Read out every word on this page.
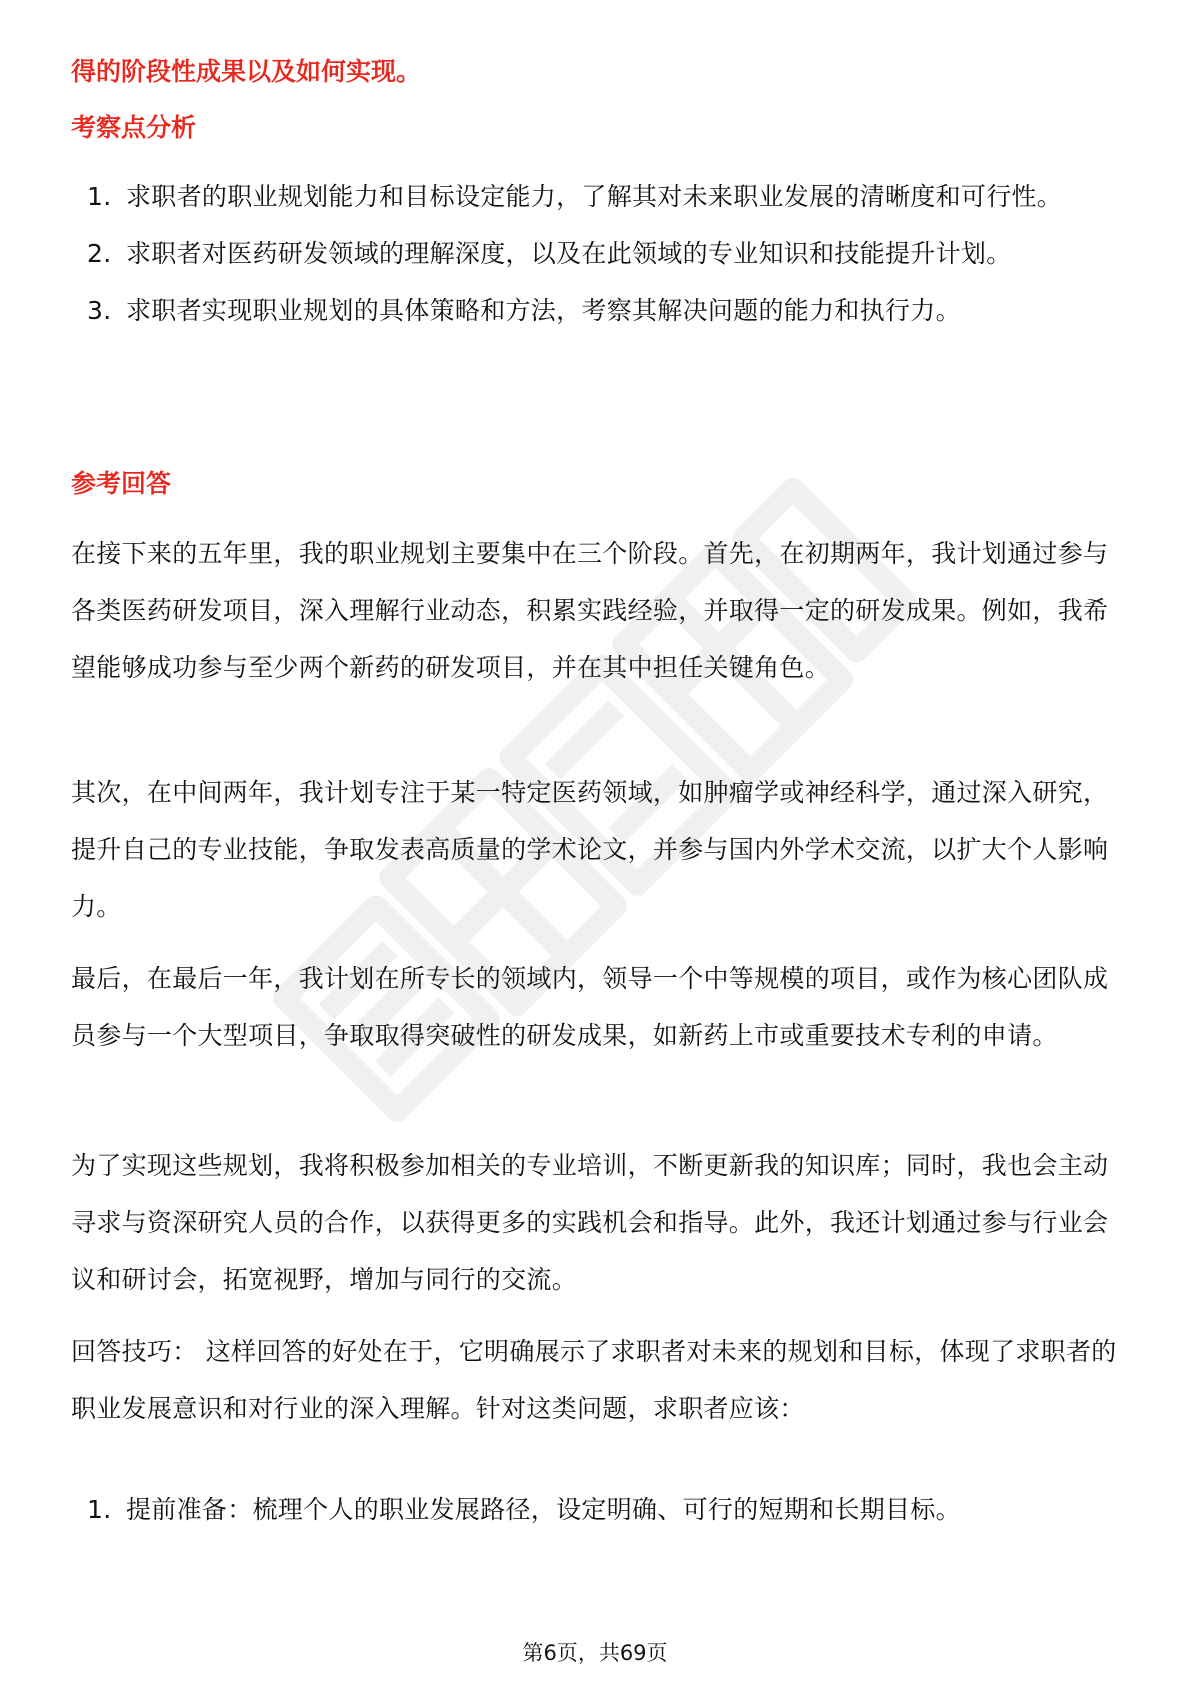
得的阶段性成果以及如何实现。

考察点分析

1. 求职者的职业规划能力和目标设定能力，了解其对未来职业发展的清晰度和可行性。
2. 求职者对医药研发领域的理解深度，以及在此领域的专业知识和技能提升计划。
3. 求职者实现职业规划的具体策略和方法，考察其解决问题的能力和执行力。

参考回答

在接下来的五年里，我的职业规划主要集中在三个阶段。首先，在初期两年，我计划通过参与各类医药研发项目，深入理解行业动态，积累实践经验，并取得一定的研发成果。例如，我希望能够成功参与至少两个新药的研发项目，并在其中担任关键角色。

其次，在中间两年，我计划专注于某一特定医药领域，如肿瘤学或神经科学，通过深入研究，提升自己的专业技能，争取发表高质量的学术论文，并参与国内外学术交流，以扩大个人影响力。

最后，在最后一年，我计划在所专长的领域内，领导一个中等规模的项目，或作为核心团队成员参与一个大型项目，争取取得突破性的研发成果，如新药上市或重要技术专利的申请。

为了实现这些规划，我将积极参加相关的专业培训，不断更新我的知识库；同时，我也会主动寻求与资深研究人员的合作，以获得更多的实践机会和指导。此外，我还计划通过参与行业会议和研讨会，拓宽视野，增加与同行的交流。

回答技巧： 这样回答的好处在于，它明确展示了求职者对未来的规划和目标，体现了求职者的职业发展意识和对行业的深入理解。针对这类问题，求职者应该：

1. 提前准备：梳理个人的职业发展路径，设定明确、可行的短期和长期目标。
第6页，共69页
